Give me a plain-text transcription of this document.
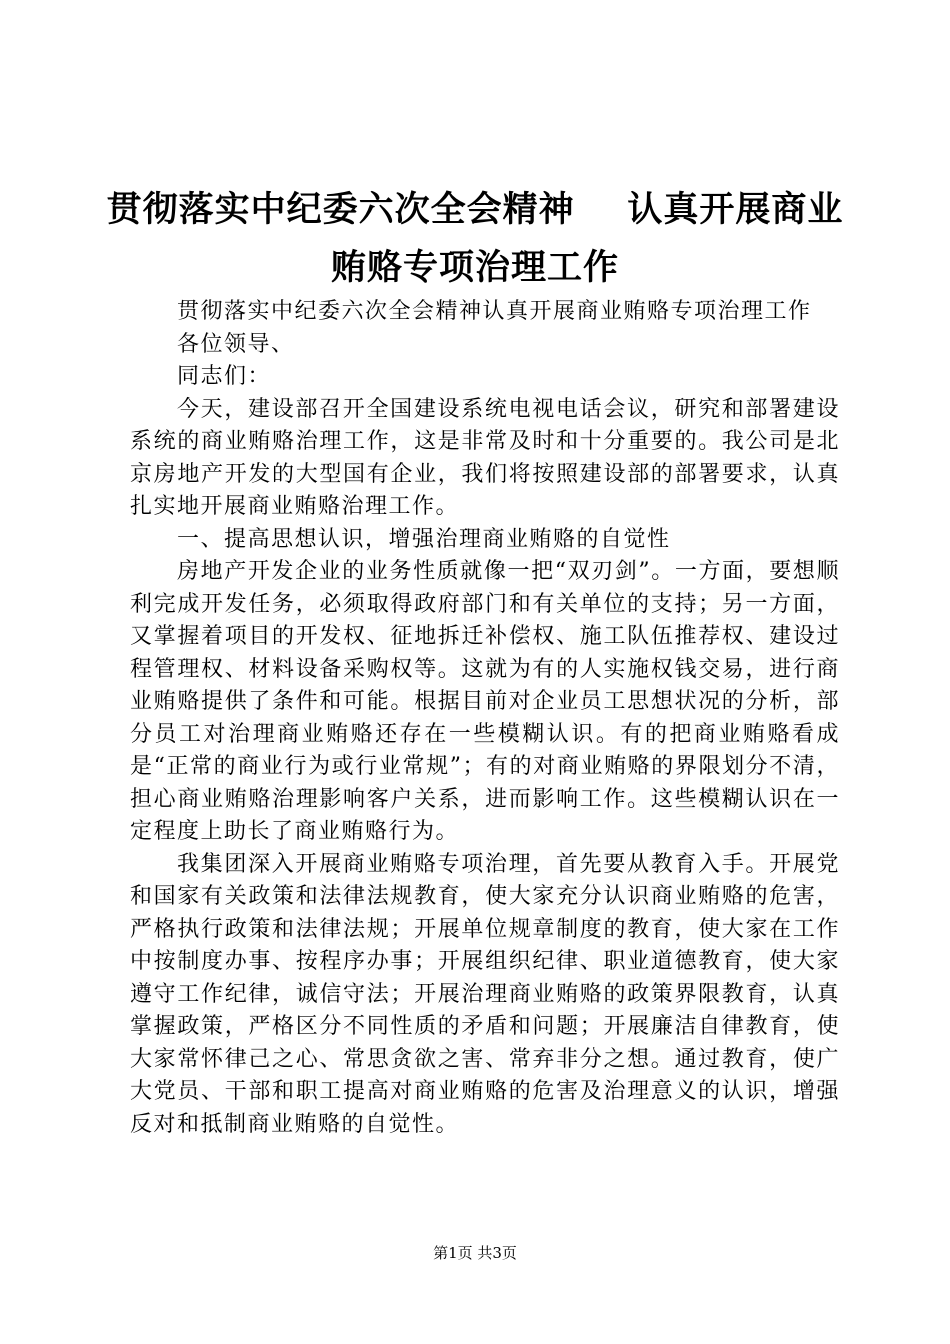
贯彻落实中纪委六次全会精神    认真开展商业
贿赂专项治理工作

贯彻落实中纪委六次全会精神认真开展商业贿赂专项治理工作

各位领导、

同志们：

今天，建设部召开全国建设系统电视电话会议，研究和部署建设系统的商业贿赂治理工作，这是非常及时和十分重要的。我公司是北京房地产开发的大型国有企业，我们将按照建设部的部署要求，认真扎实地开展商业贿赂治理工作。

一、提高思想认识，增强治理商业贿赂的自觉性

房地产开发企业的业务性质就像一把“双刃剑”。一方面，要想顺利完成开发任务，必须取得政府部门和有关单位的支持；另一方面，又掌握着项目的开发权、征地拆迁补偿权、施工队伍推荐权、建设过程管理权、材料设备采购权等。这就为有的人实施权钱交易，进行商业贿赂提供了条件和可能。根据目前对企业员工思想状况的分析，部分员工对治理商业贿赂还存在一些模糊认识。有的把商业贿赂看成是“正常的商业行为或行业常规”；有的对商业贿赂的界限划分不清，担心商业贿赂治理影响客户关系，进而影响工作。这些模糊认识在一定程度上助长了商业贿赂行为。

我集团深入开展商业贿赂专项治理，首先要从教育入手。开展党和国家有关政策和法律法规教育，使大家充分认识商业贿赂的危害，严格执行政策和法律法规；开展单位规章制度的教育，使大家在工作中按制度办事、按程序办事；开展组织纪律、职业道德教育，使大家遵守工作纪律，诚信守法；开展治理商业贿赂的政策界限教育，认真掌握政策，严格区分不同性质的矛盾和问题；开展廉洁自律教育，使大家常怀律己之心、常思贪欲之害、常弃非分之想。通过教育，使广大党员、干部和职工提高对商业贿赂的危害及治理意义的认识，增强反对和抵制商业贿赂的自觉性。

第1页 共3页
